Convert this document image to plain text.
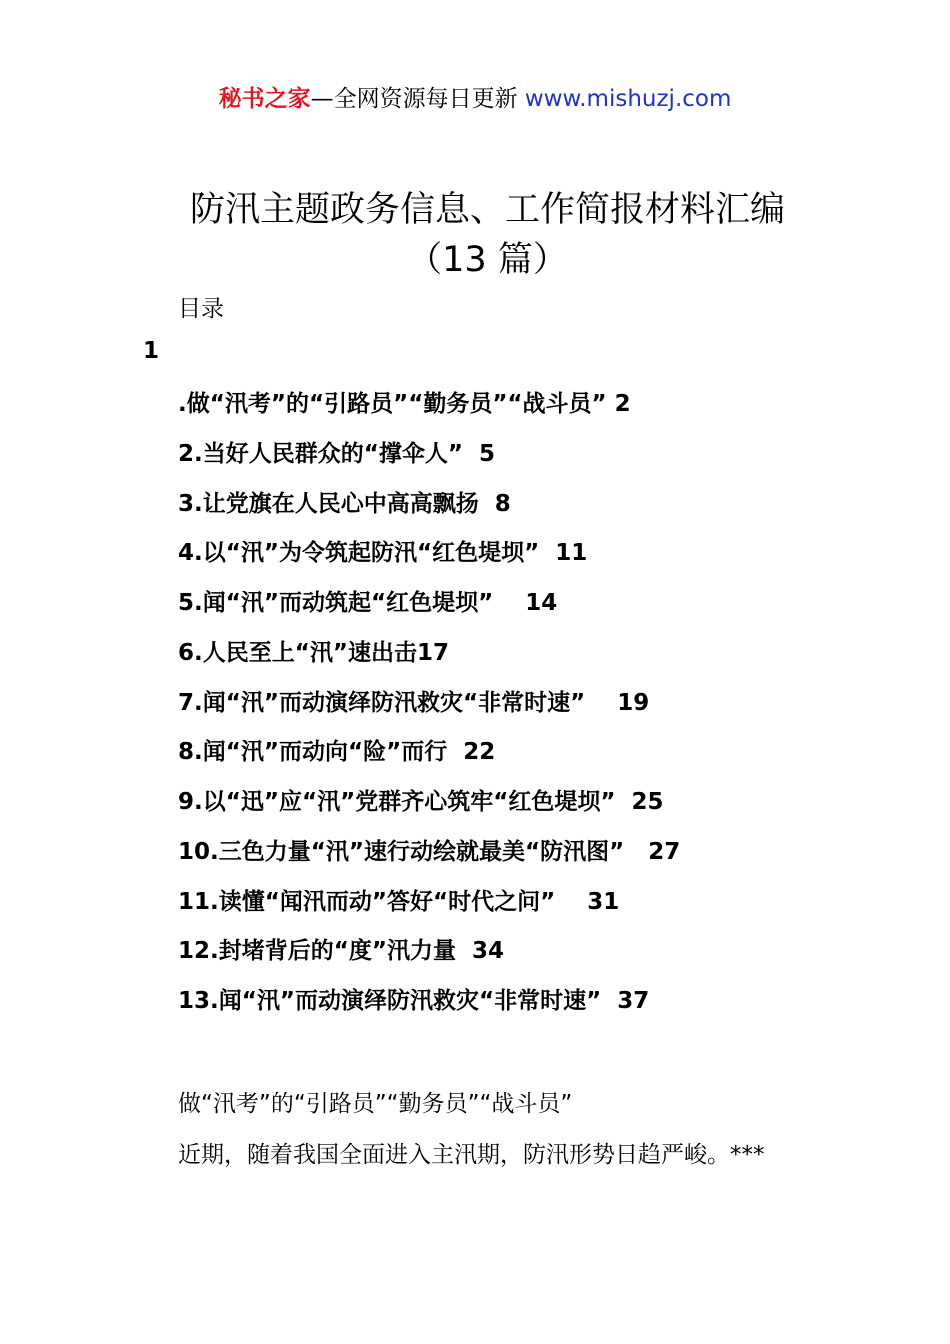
秘书之家—全网资源每日更新 www.mishuzj.com
防汛主题政务信息、工作简报材料汇编
（13 篇）
目录
1
.做“汛考”的“引路员”“勤务员”“战斗员” 2
2.当好人民群众的“撑伞人”  5
3.让党旗在人民心中高高飘扬  8
4.以“汛”为令筑起防汛“红色堤坝”  11
5.闻“汛”而动筑起“红色堤坝”    14
6.人民至上“汛”速出击17
7.闻“汛”而动演绎防汛救灾“非常时速”    19
8.闻“汛”而动向“险”而行  22
9.以“迅”应“汛”党群齐心筑牢“红色堤坝”  25
10.三色力量“汛”速行动绘就最美“防汛图”   27
11.读懂“闻汛而动”答好“时代之问”    31
12.封堵背后的“度”汛力量  34
13.闻“汛”而动演绎防汛救灾“非常时速”  37
做“汛考”的“引路员”“勤务员”“战斗员”
近期，随着我国全面进入主汛期，防汛形势日趋严峻。***
